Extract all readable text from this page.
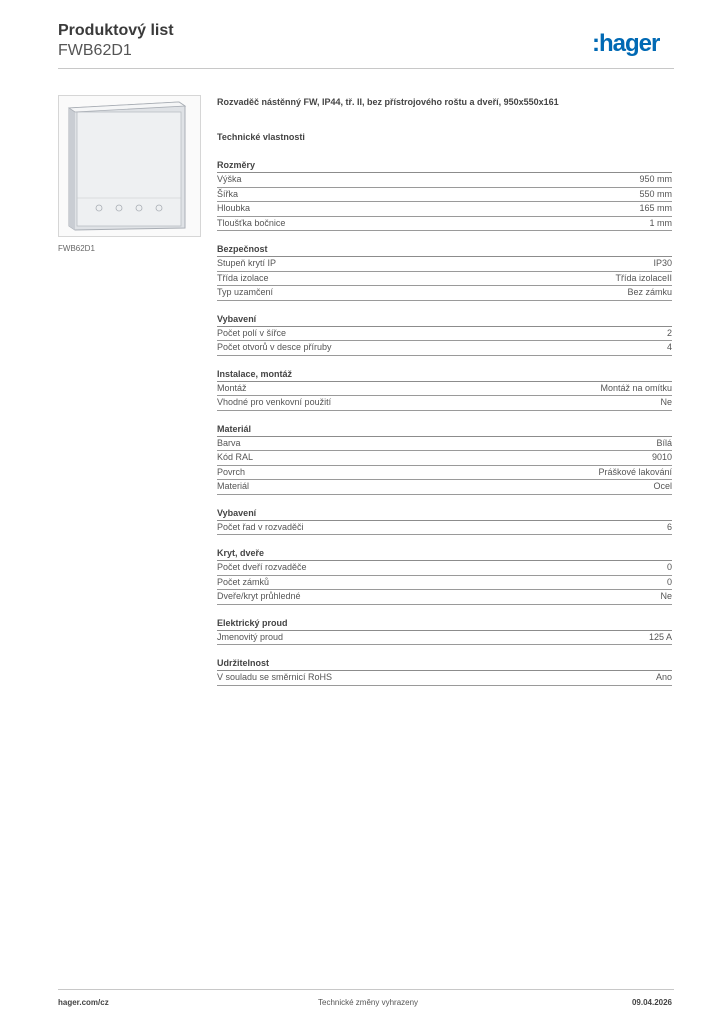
Produktový list
FWB62D1	:hager
FWB62D1
Rozvaděč nástěnný FW, IP44, tř. II, bez přístrojového roštu a dveří, 950x550x161
Technické vlastnosti
Rozměry
Výška	950 mm
Šířka	550 mm
Hloubka	165 mm
Tloušťka bočnice	1 mm
Bezpečnost
Stupeň krytí IP	IP30
Třída izolace	Třída izolaceII
Typ uzamčení	Bez zámku
Vybavení
Počet polí v šířce	2
Počet otvorů v desce příruby	4
Instalace, montáž
Montáž	Montáž na omítku
Vhodné pro venkovní použití	Ne
Materiál
Barva	Bílá
Kód RAL	9010
Povrch	Práškové lakování
Materiál	Ocel
Vybavení
Počet řad v rozvaděči	6
Kryt, dveře
Počet dveří rozvaděče	0
Počet zámků	0
Dveře/kryt průhledné	Ne
Elektrický proud
Jmenovitý proud	125 A
Udržitelnost
V souladu se směrnicí RoHS	Ano
hager.com/cz	Technické změny vyhrazeny	09.04.2026
